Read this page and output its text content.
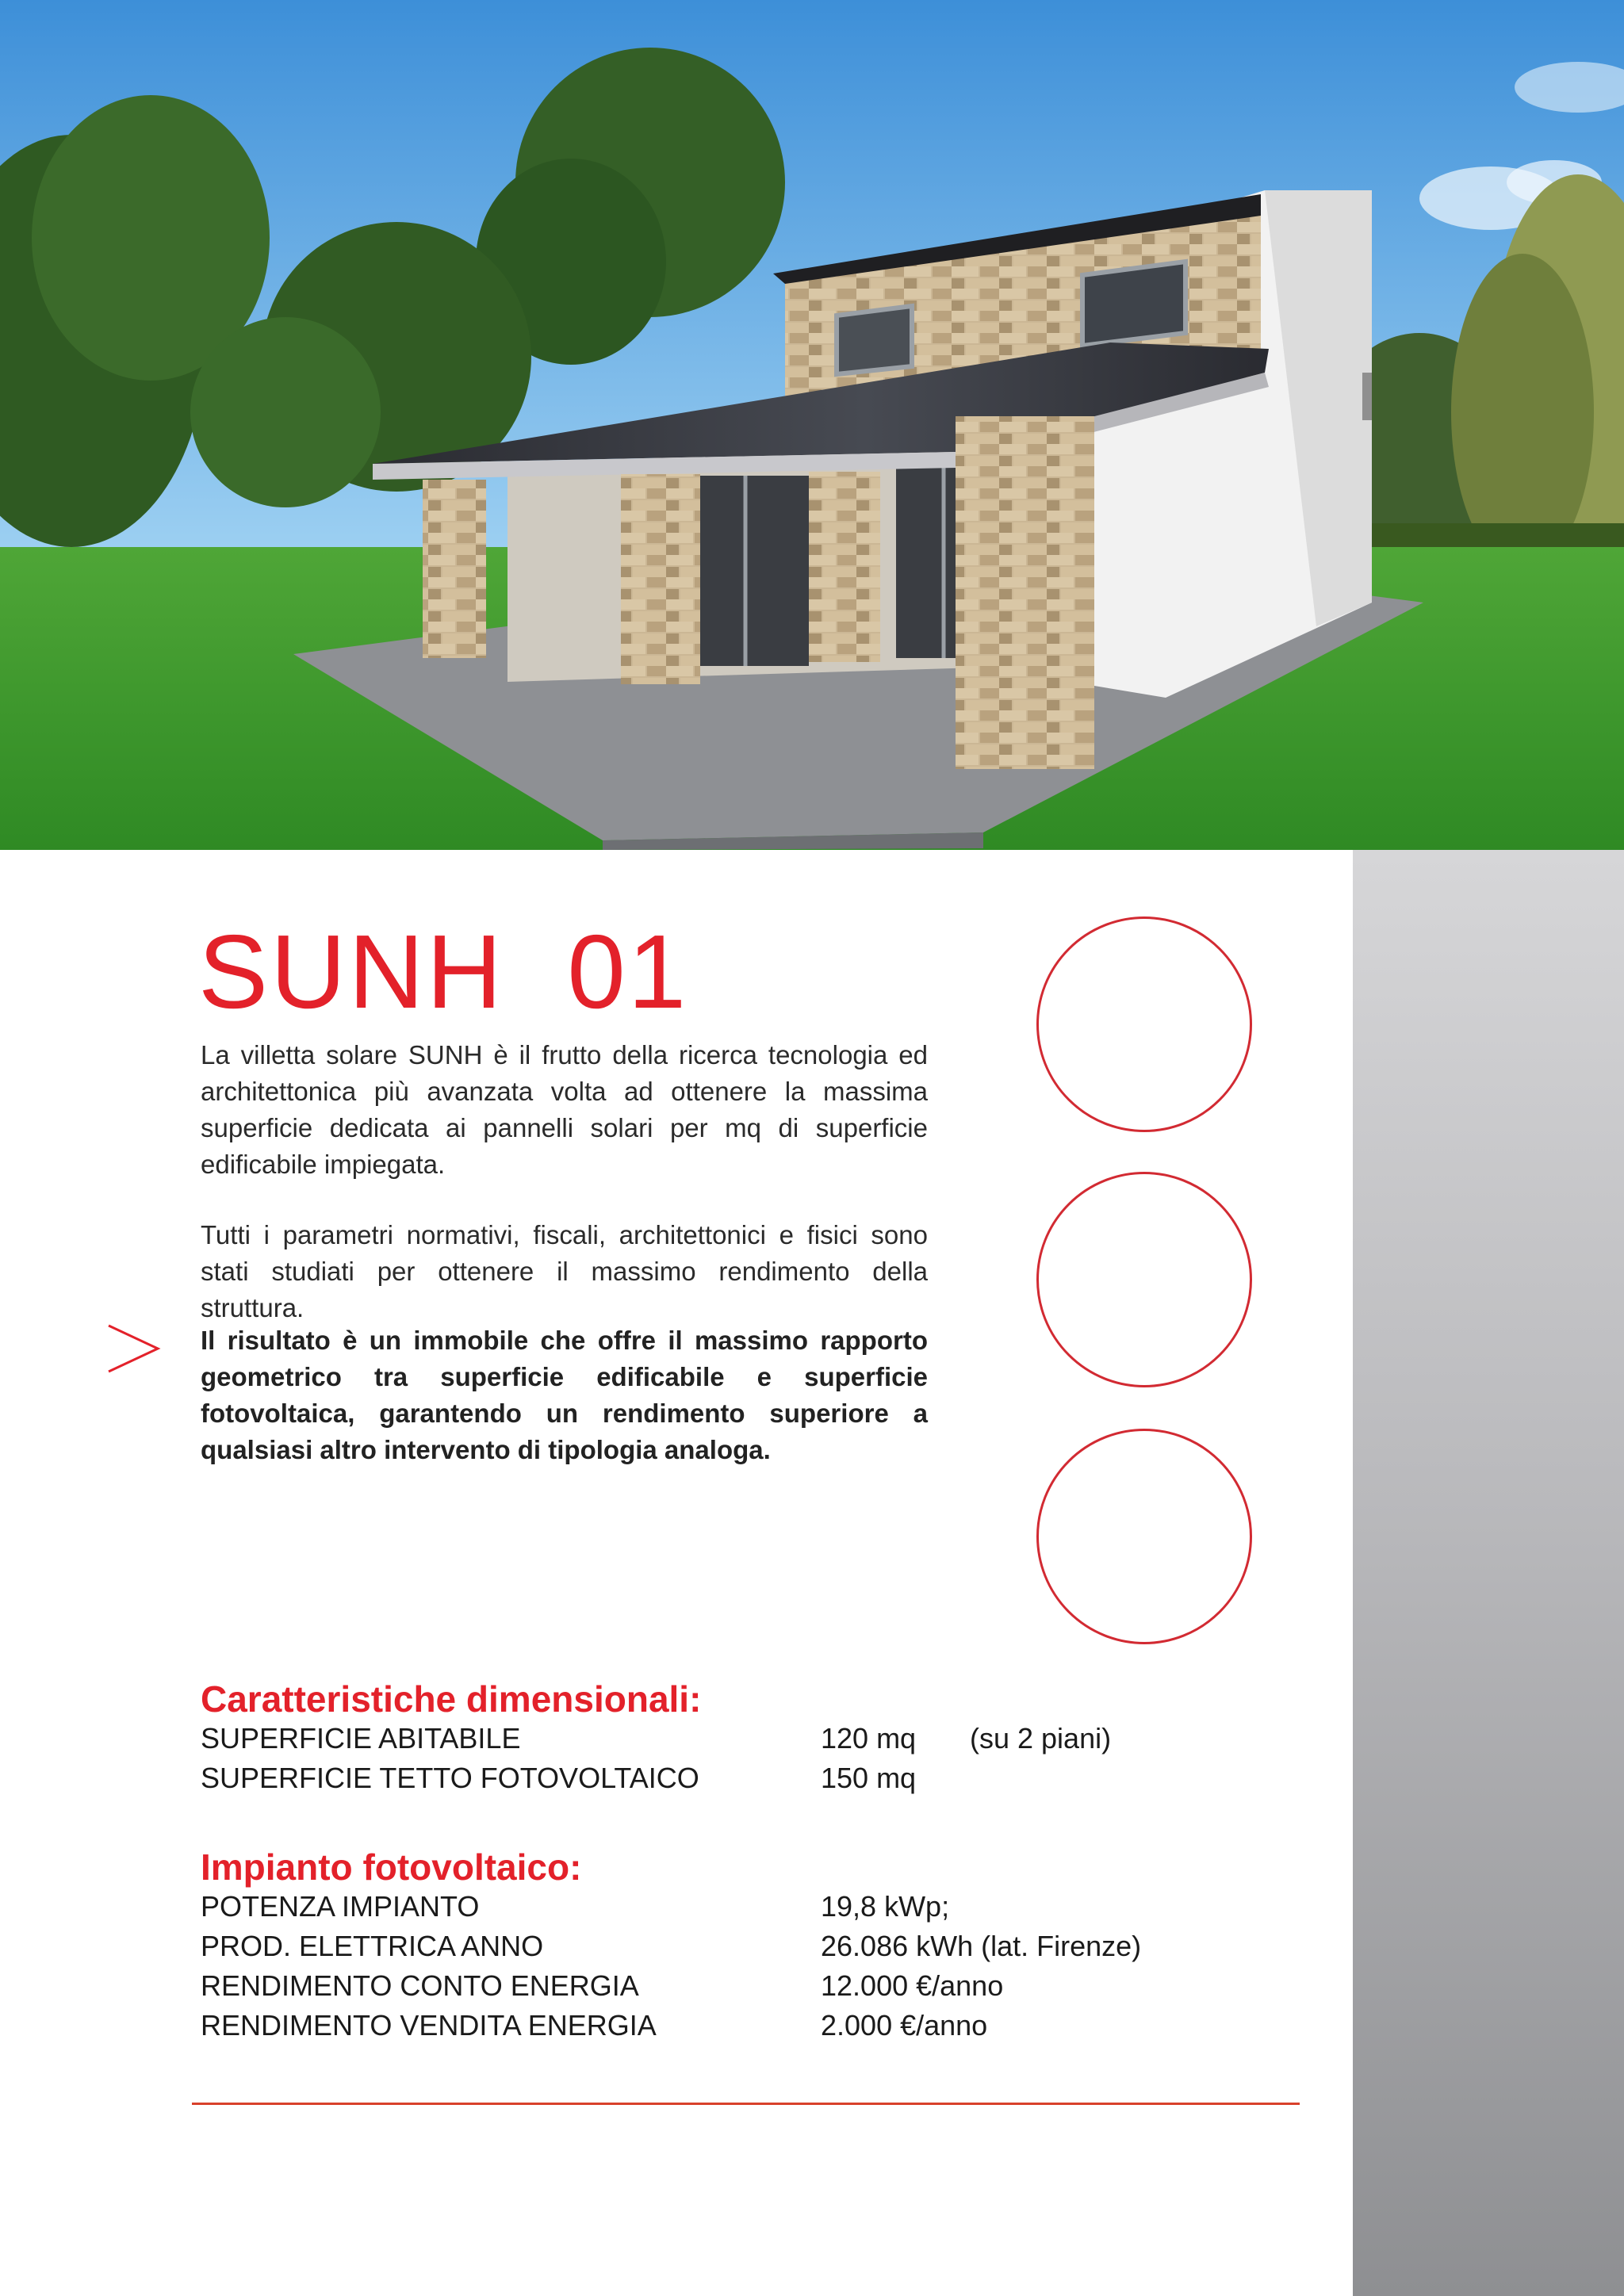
SUNH  01

La villetta solare SUNH è il frutto della ricerca tecnologia ed architettonica più avanzata volta ad ottenere la massima superficie dedicata ai pannelli solari per mq di superficie edificabile impiegata.

Tutti i parametri normativi, fiscali, architettonici e fisici sono stati studiati per ottenere il massimo rendimento della struttura.

Il risultato è un immobile che offre il massimo rapporto geometrico tra superficie edificabile e superficie fotovoltaica, garantendo un rendimento superiore a qualsiasi altro intervento di tipologia analoga.

Caratteristiche dimensionali:
SUPERFICIE ABITABILE	120 mq (su 2 piani)
SUPERFICIE TETTO FOTOVOLTAICO	150 mq
Impianto fotovoltaico:
POTENZA IMPIANTO	19,8 kWp;
PROD. ELETTRICA ANNO	26.086 kWh (lat. Firenze)
RENDIMENTO CONTO ENERGIA	12.000 €/anno
RENDIMENTO VENDITA ENERGIA	2.000 €/anno
